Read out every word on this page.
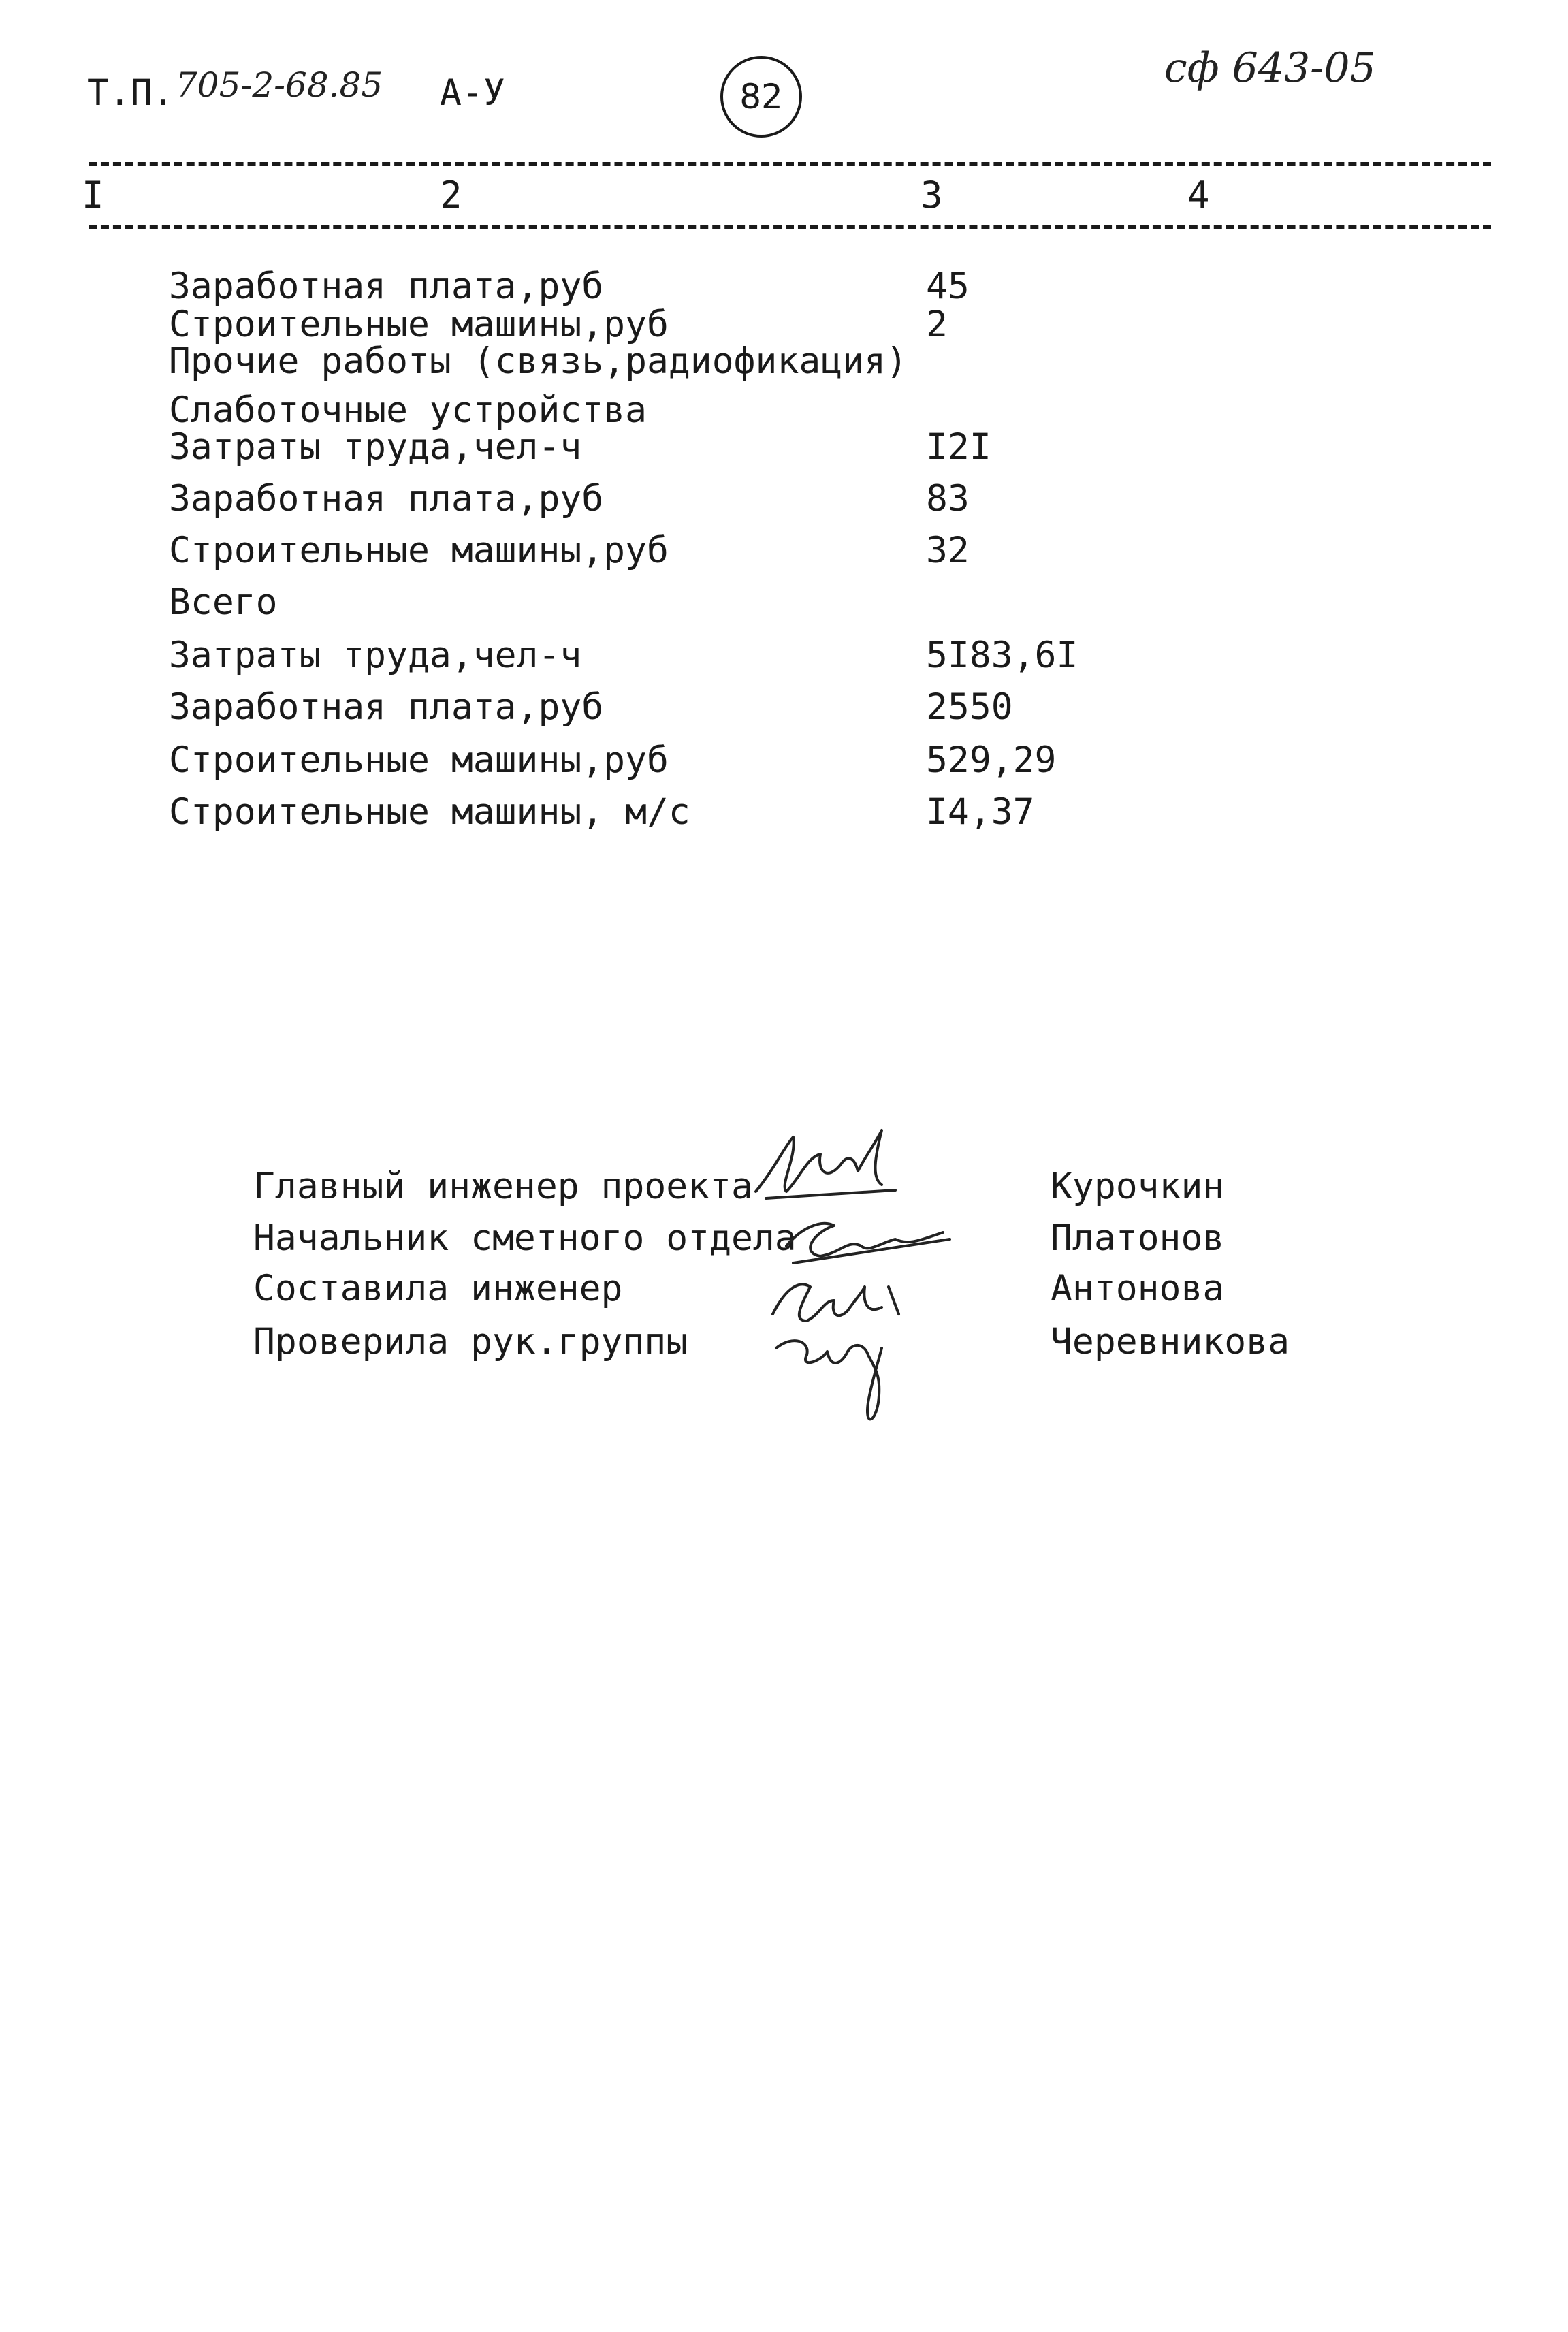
Т.П. 705-2-68.85 А-У	82
сф 643-05
I	2	3	4
Заработная плата,руб	45
Строительные машины,руб	2
Прочие работы (связь,радиофикация)
Слаботочные устройства
Затраты труда,чел-ч	I2I
Заработная плата,руб	83
Строительные машины,руб	32
Всего
Затраты труда,чел-ч	5I83,6I
Заработная плата,руб	2550
Строительные машины,руб	529,29
Строительные машины, м/с	I4,37
Главный инженер проекта	Курочкин
Начальник сметного отдела	Платонов
Составила инженер	Антонова
Проверила рук.группы	Черевникова
